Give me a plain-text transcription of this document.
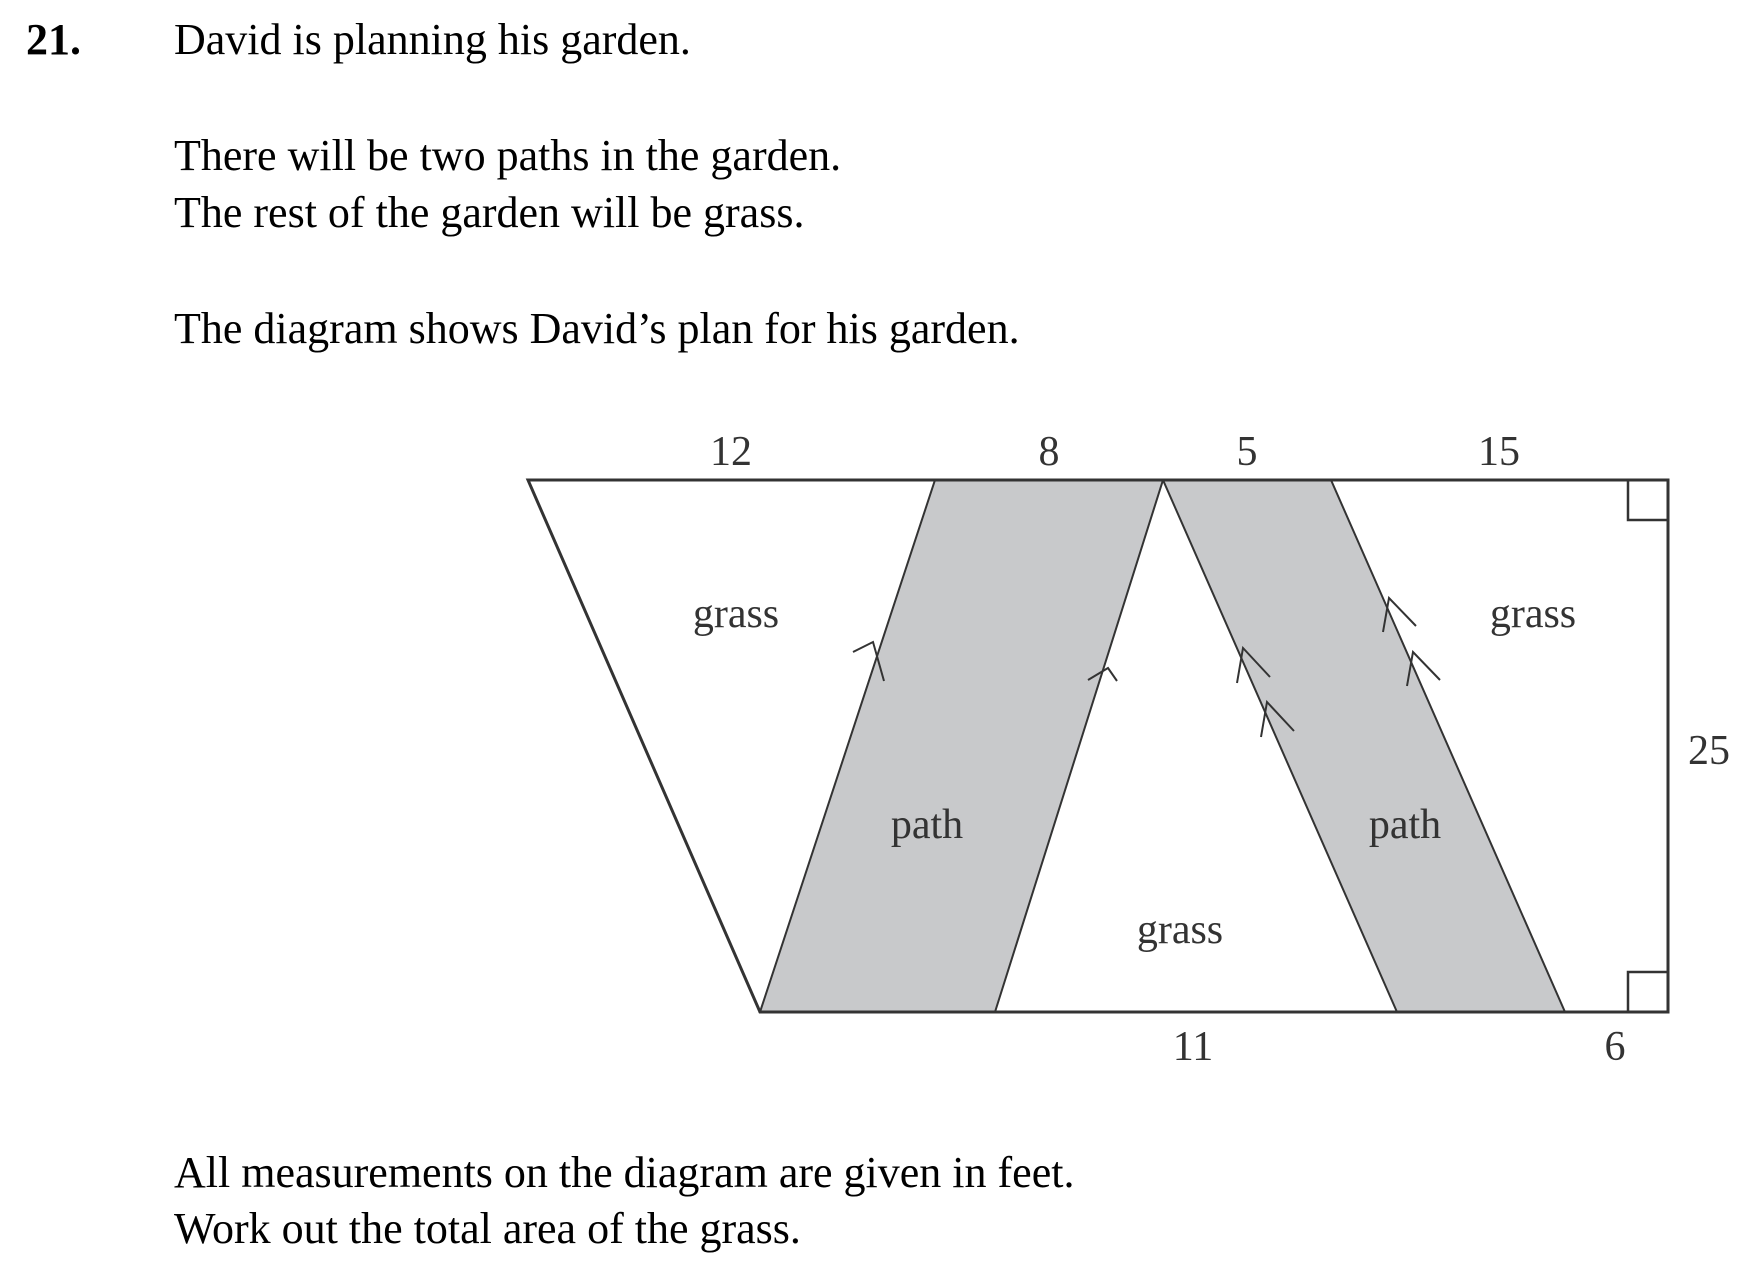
21. David is planning his garden.
There will be two paths in the garden.
The rest of the garden will be grass.
The diagram shows David’s plan for his garden.
All measurements on the diagram are given in feet.
Work out the total area of the grass.
12	8	5	15
11	6
25
grass	grass
grass
path	path
